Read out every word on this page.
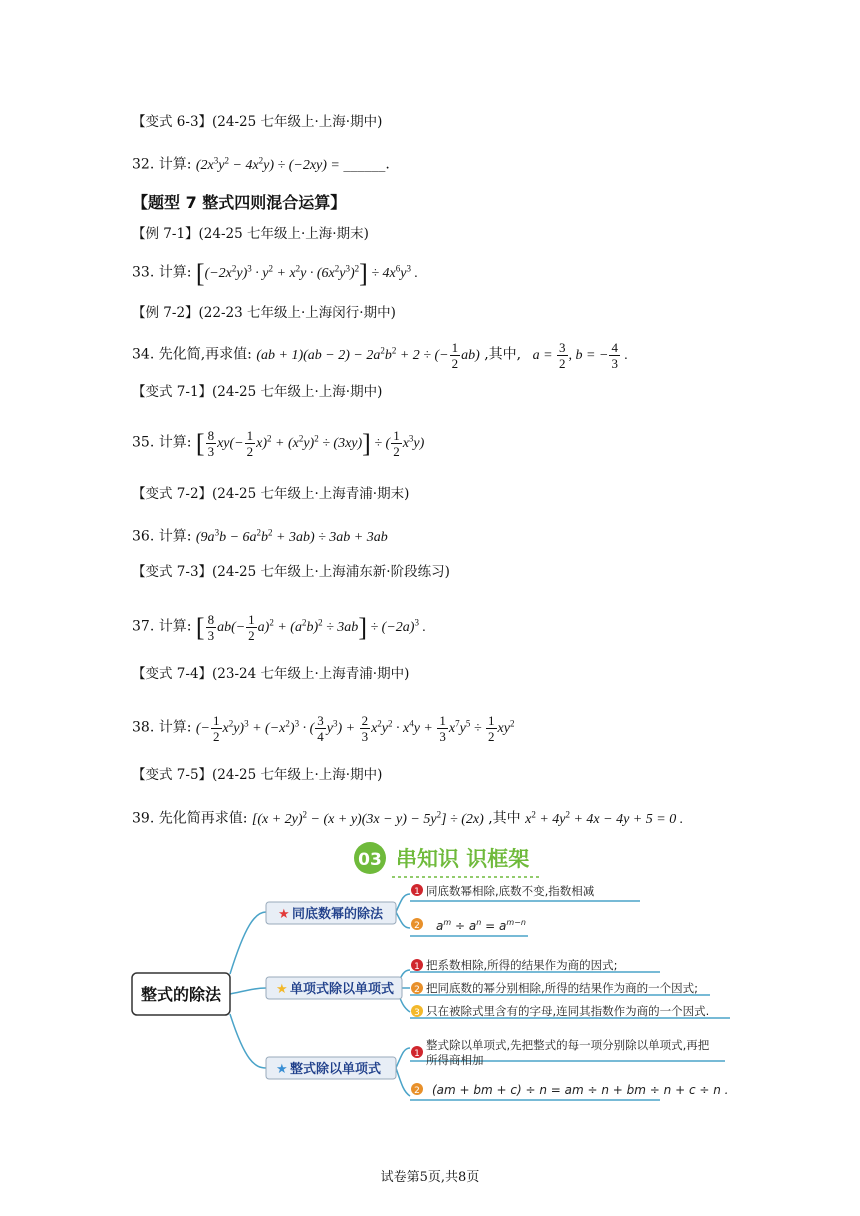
【变式 6-3】(24-25 七年级上·上海·期中)
32. 计算: $(2x^3y^2 - 4x^2y) \div (-2xy)$ = ______.
【题型 7 整式四则混合运算】
【例 7-1】(24-25 七年级上·上海·期末)
33. 计算: $[(-2x^2y)^3 \cdot y^2 + x^2y \cdot (6x^2y^3)^2] \div 4x^6y^3$ .
【例 7-2】(22-23 七年级上·上海闵行·期中)
34. 先化简,再求值: $(ab + 1)(ab - 2) - 2a^2b^2 + 2$ ÷ (− $\frac{1}{2} ab$) ,其中,   $a = \frac{3}{2}$ , b = − $\frac{4}{3}$ .
【变式 7-1】(24-25 七年级上·上海·期中)
35. 计算: [ $\frac{8}{3} xy(- \frac{1}{2} x)^2 + (x^2y)^2 \div (3xy)$] ÷ ( $\frac{1}{2} x^3y$)
【变式 7-2】(24-25 七年级上·上海青浦·期末)
36. 计算: $(9a^3b - 6a^2b^2 + 3ab) \div 3ab + 3ab$
【变式 7-3】(24-25 七年级上·上海浦东新·阶段练习)
37. 计算: [ $\frac{8}{3} ab(- \frac{1}{2} a)^2 + (a^2b)^2 \div 3ab] \div (-2a)^3$ .
【变式 7-4】(23-24 七年级上·上海青浦·期中)
38. 计算: (− $\frac{1}{2} x^2y)^3 + (-x^2)^3$ · ( $\frac{3}{4} y^3) + \frac{2}{3} x^2y^2 \cdot x^4y + \frac{1}{3} x^7y^5 \div \frac{1}{2} xy^2$
【变式 7-5】(24-25 七年级上·上海·期中)
39. 先化简再求值: $[(x + 2y)^2 - (x + y)(3x - y) - 5y^2] \div (2x)$ ,其中 $x^2 + 4y^2 + 4x - 4y + 5 = 0$ .
03 串知识 识框架
整式的除法
★ 同底数幂的除法
1 同底数幂相除,底数不变,指数相减
2 $a^m \div a^n = a^{m-n}$
★ 单项式除以单项式
1 把系数相除,所得的结果作为商的因式;
2 把同底数的幂分别相除,所得的结果作为商的一个因式;
3 只在被除式里含有的字母,连同其指数作为商的一个因式.
★ 整式除以单项式
1
整式除以单项式,先把整式的每一项分别除以单项式,再把
所得商相加
2 (am + bm + c) ÷ n = am ÷ n + bm ÷ n + c ÷ n .
试卷第5页,共8页
